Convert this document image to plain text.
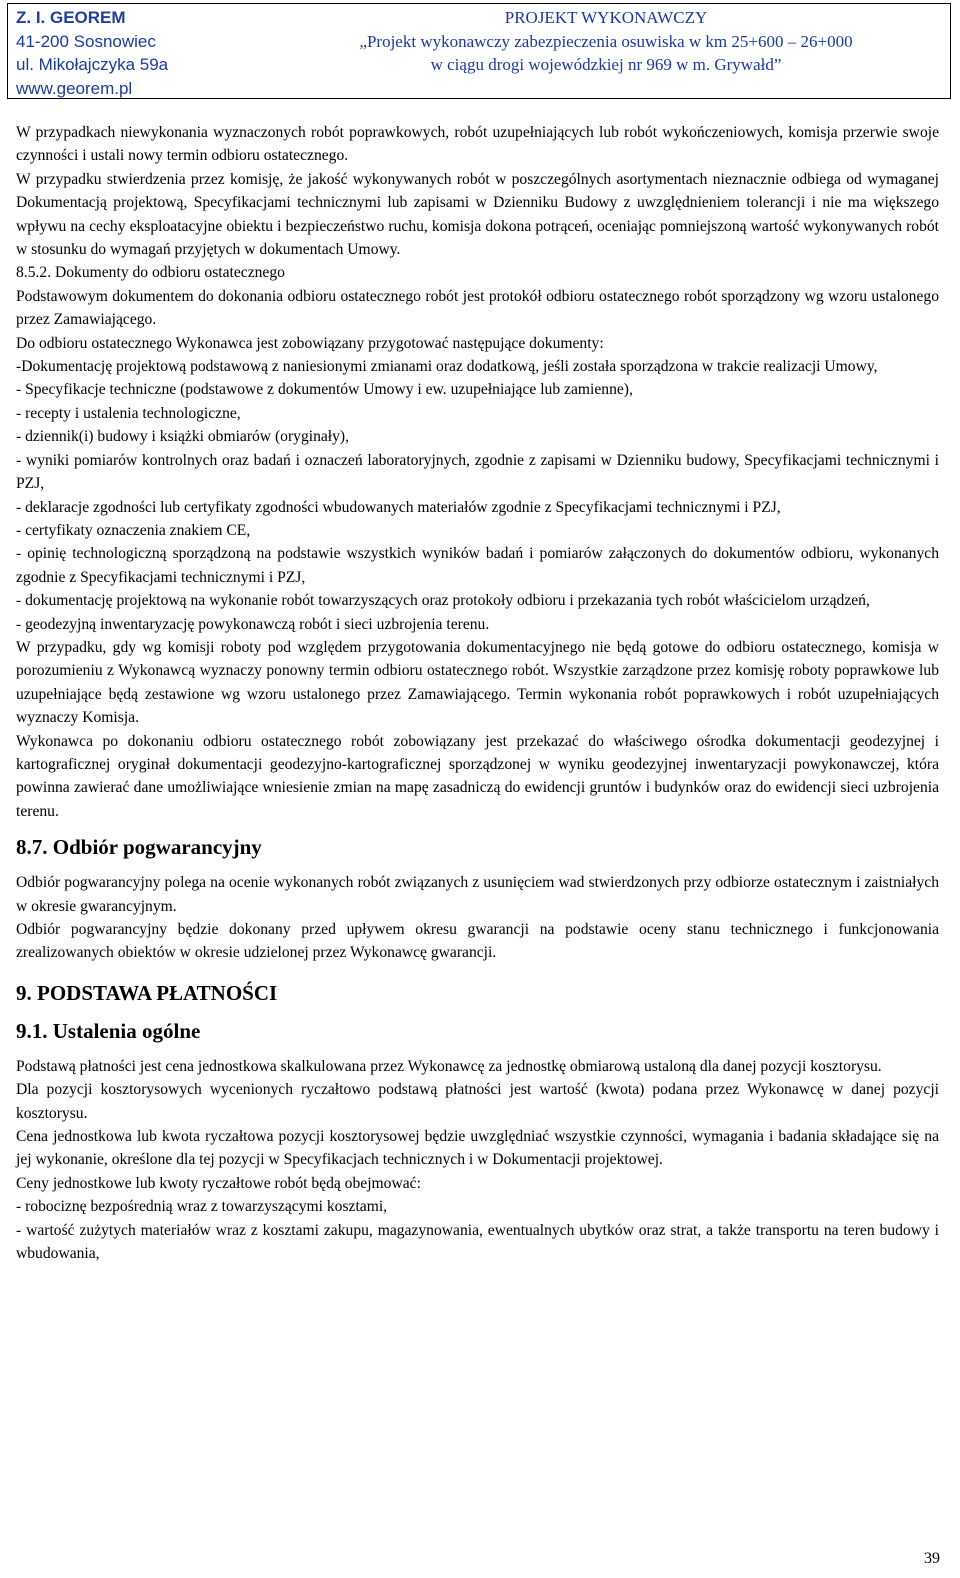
Z. I. GEOREM
41-200 Sosnowiec
ul. Mikołajczyka 59a
www.georem.pl
PROJEKT WYKONAWCZY
„Projekt wykonawczy zabezpieczenia osuwiska w km 25+600 – 26+000
w ciągu drogi wojewódzkiej nr 969 w m. Grywałd”

W przypadkach niewykonania wyznaczonych robót poprawkowych, robót uzupełniających lub robót wykończeniowych, komisja przerwie swoje czynności i ustali nowy termin odbioru ostatecznego.

W przypadku stwierdzenia przez komisję, że jakość wykonywanych robót w poszczególnych asortymentach nieznacznie odbiega od wymaganej Dokumentacją projektową, Specyfikacjami technicznymi lub zapisami w Dzienniku Budowy z uwzględnieniem tolerancji i nie ma większego wpływu na cechy eksploatacyjne obiektu i bezpieczeństwo ruchu, komisja dokona potrąceń, oceniając pomniejszoną wartość wykonywanych robót w stosunku do wymagań przyjętych w dokumentach Umowy.

8.5.2. Dokumenty do odbioru ostatecznego

Podstawowym dokumentem do dokonania odbioru ostatecznego robót jest protokół odbioru ostatecznego robót sporządzony wg wzoru ustalonego przez Zamawiającego.

Do odbioru ostatecznego Wykonawca jest zobowiązany przygotować następujące dokumenty:

-Dokumentację projektową podstawową z naniesionymi zmianami oraz dodatkową, jeśli została sporządzona w trakcie realizacji Umowy,

- Specyfikacje techniczne (podstawowe z dokumentów Umowy i ew. uzupełniające lub zamienne),

- recepty i ustalenia technologiczne,

- dziennik(i) budowy i książki obmiarów (oryginały),

- wyniki pomiarów kontrolnych oraz badań i oznaczeń laboratoryjnych, zgodnie z zapisami w Dzienniku budowy, Specyfikacjami technicznymi i PZJ,

- deklaracje zgodności lub certyfikaty zgodności wbudowanych materiałów zgodnie z Specyfikacjami technicznymi i PZJ,

- certyfikaty oznaczenia znakiem CE,

- opinię technologiczną sporządzoną na podstawie wszystkich wyników badań i pomiarów załączonych do dokumentów odbioru, wykonanych zgodnie z Specyfikacjami technicznymi i PZJ,

- dokumentację projektową na wykonanie robót towarzyszących oraz protokoły odbioru i przekazania tych robót właścicielom urządzeń,

- geodezyjną inwentaryzację powykonawczą robót i sieci uzbrojenia terenu.

W przypadku, gdy wg komisji roboty pod względem przygotowania dokumentacyjnego nie będą gotowe do odbioru ostatecznego, komisja w porozumieniu z Wykonawcą wyznaczy ponowny termin odbioru ostatecznego robót. Wszystkie zarządzone przez komisję roboty poprawkowe lub uzupełniające będą zestawione wg wzoru ustalonego przez Zamawiającego. Termin wykonania robót poprawkowych i robót uzupełniających wyznaczy Komisja.

Wykonawca po dokonaniu odbioru ostatecznego robót zobowiązany jest przekazać do właściwego ośrodka dokumentacji geodezyjnej i kartograficznej oryginał dokumentacji geodezyjno-kartograficznej sporządzonej w wyniku geodezyjnej inwentaryzacji powykonawczej, która powinna zawierać dane umożliwiające wniesienie zmian na mapę zasadniczą do ewidencji gruntów i budynków oraz do ewidencji sieci uzbrojenia terenu.

8.7. Odbiór pogwarancyjny

Odbiór pogwarancyjny polega na ocenie wykonanych robót związanych z usunięciem wad stwierdzonych przy odbiorze ostatecznym i zaistniałych w okresie gwarancyjnym.

Odbiór pogwarancyjny będzie dokonany przed upływem okresu gwarancji na podstawie oceny stanu technicznego i funkcjonowania zrealizowanych obiektów w okresie udzielonej przez Wykonawcę gwarancji.

9. PODSTAWA PŁATNOŚCI
9.1. Ustalenia ogólne

Podstawą płatności jest cena jednostkowa skalkulowana przez Wykonawcę za jednostkę obmiarową ustaloną dla danej pozycji kosztorysu.

Dla pozycji kosztorysowych wycenionych ryczałtowo podstawą płatności jest wartość (kwota) podana przez Wykonawcę w danej pozycji kosztorysu.

Cena jednostkowa lub kwota ryczałtowa pozycji kosztorysowej będzie uwzględniać wszystkie czynności, wymagania i badania składające się na jej wykonanie, określone dla tej pozycji w Specyfikacjach technicznych i w Dokumentacji projektowej.

Ceny jednostkowe lub kwoty ryczałtowe robót będą obejmować:

- robociznę bezpośrednią wraz z towarzyszącymi kosztami,

- wartość zużytych materiałów wraz z kosztami zakupu, magazynowania, ewentualnych ubytków oraz strat, a także transportu na teren budowy i wbudowania,

39
